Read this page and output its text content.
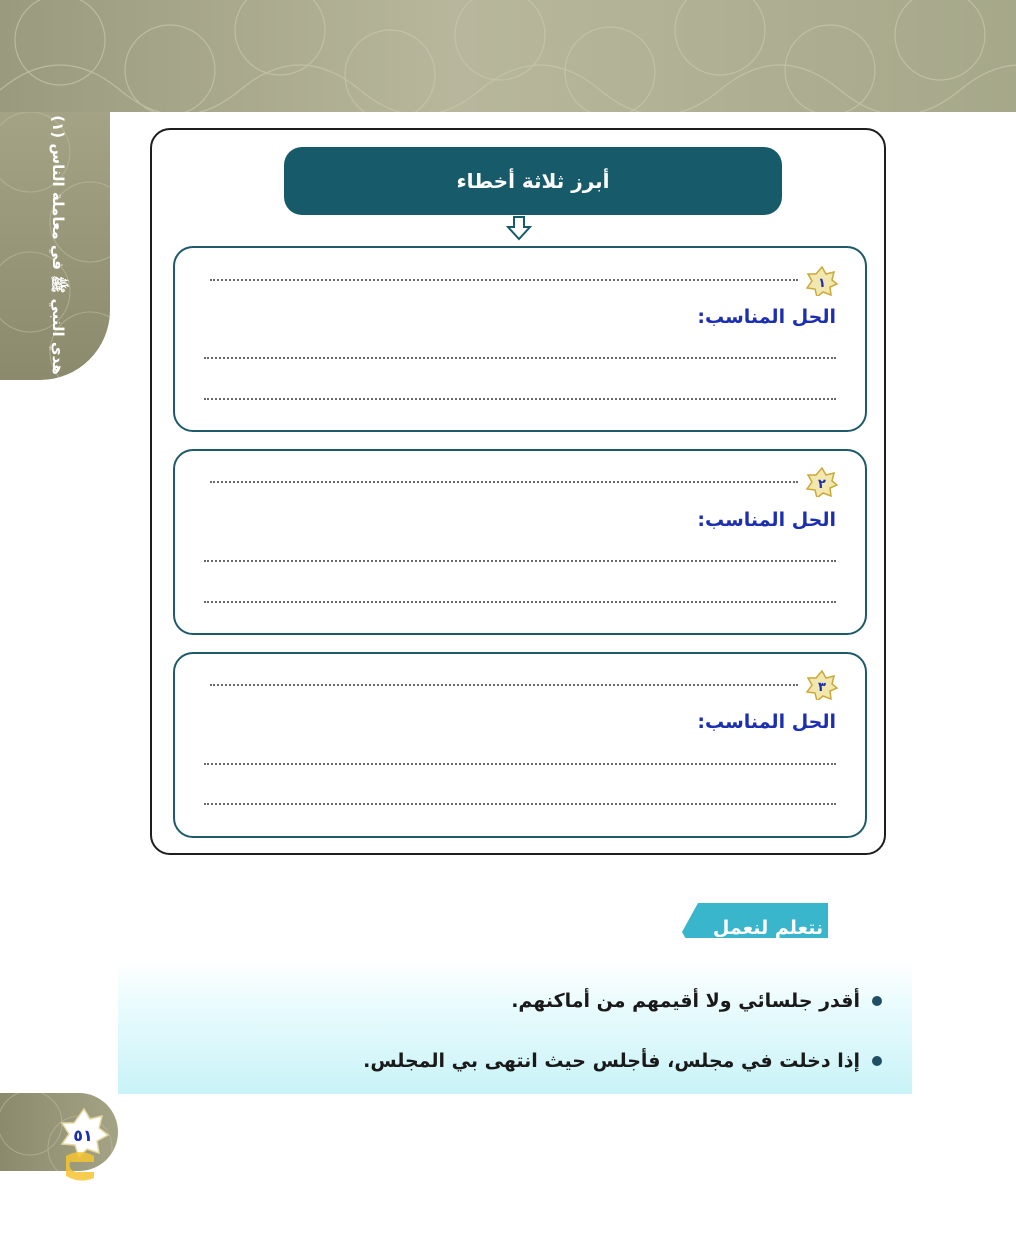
هدي النبي ﷺ في معاملة الناس (١)	أبرز ثلاثة أخطاء
١
الحل المناسب:
٢
الحل المناسب:
٣
الحل المناسب:
نتعلم لنعمل
أقدر جلسائي ولا أقيمهم من أماكنهم.
إذا دخلت في مجلس، فأجلس حيث انتهى بي المجلس.
٥١
